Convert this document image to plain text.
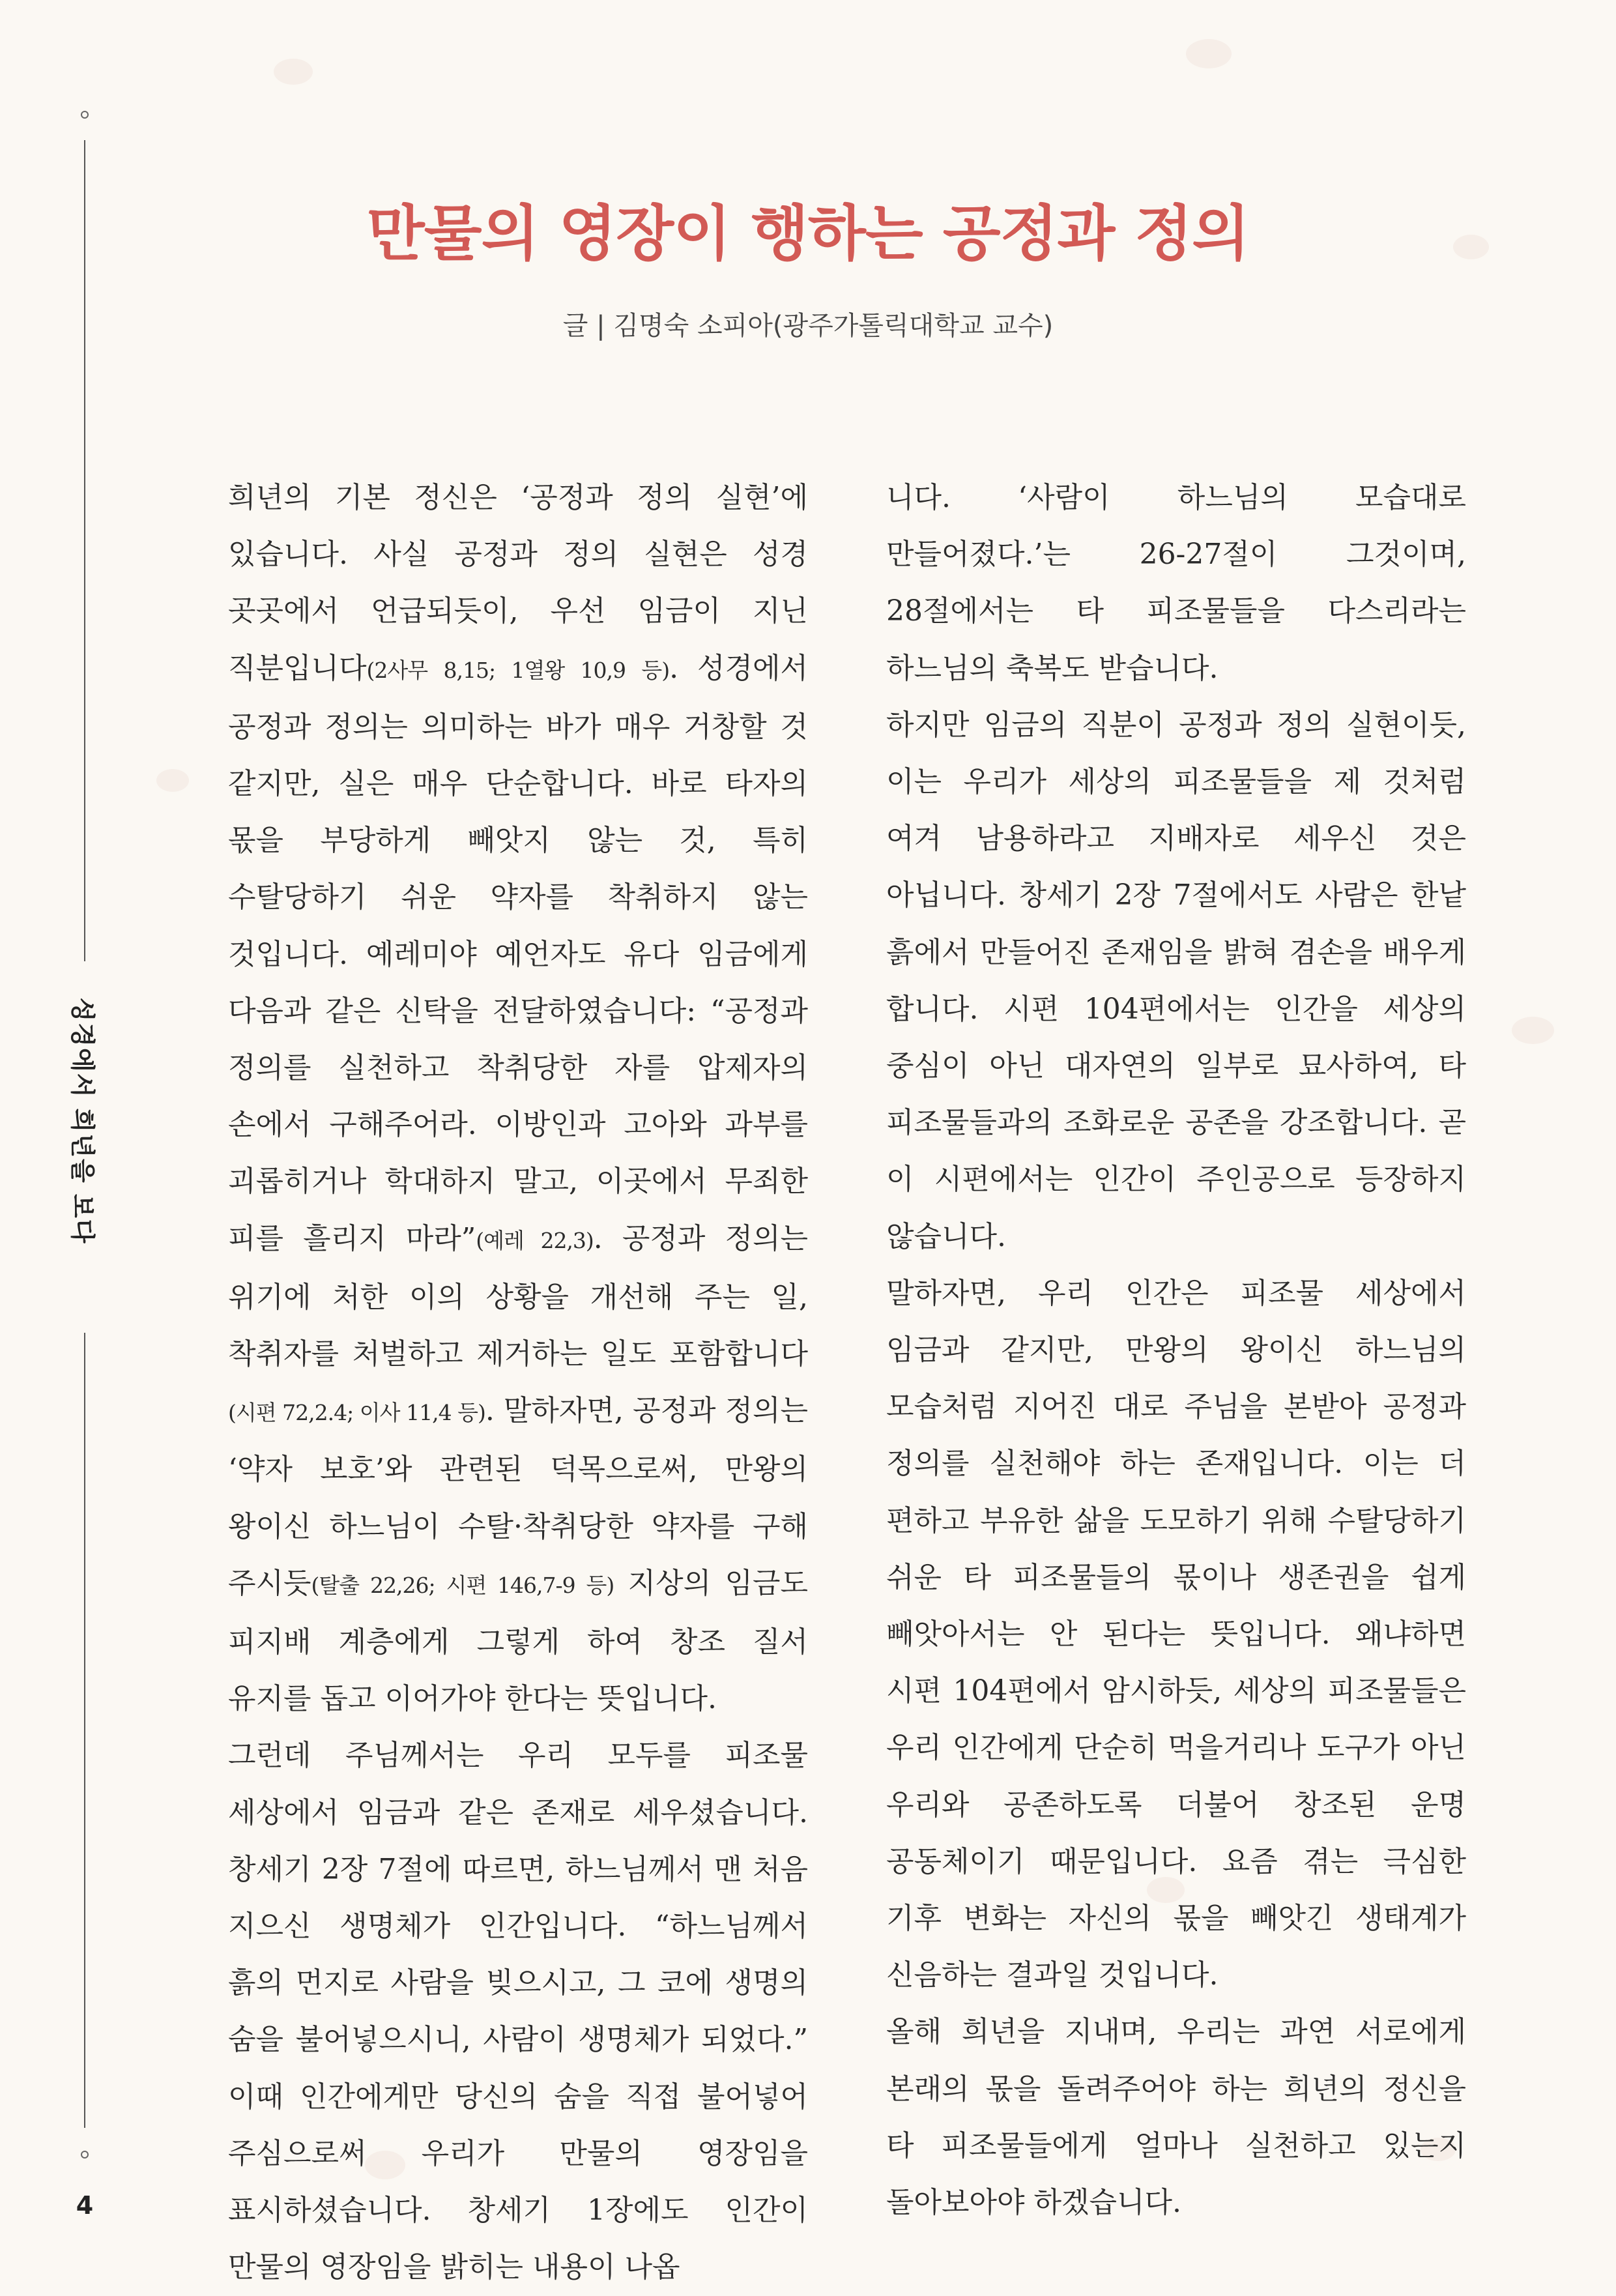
성경에서 희년을 보다
4
만물의 영장이 행하는 공정과 정의
글 | 김명숙 소피아(광주가톨릭대학교 교수)

희년의 기본 정신은 ‘공정과 정의 실현’에 있습니다. 사실 공정과 정의 실현은 성경 곳곳에서 언급되듯이, 우선 임금이 지닌 직분입니다(2사무 8,15; 1열왕 10,9 등). 성경에서 공정과 정의는 의미하는 바가 매우 거창할 것 같지만, 실은 매우 단순합니다. 바로 타자의 몫을 부당하게 빼앗지 않는 것, 특히 수탈당하기 쉬운 약자를 착취하지 않는 것입니다. 예레미야 예언자도 유다 임금에게 다음과 같은 신탁을 전달하였습니다: “공정과 정의를 실천하고 착취당한 자를 압제자의 손에서 구해주어라. 이방인과 고아와 과부를 괴롭히거나 학대하지 말고, 이곳에서 무죄한 피를 흘리지 마라”(예레 22,3). 공정과 정의는 위기에 처한 이의 상황을 개선해 주는 일, 착취자를 처벌하고 제거하는 일도 포함합니다(시편 72,2.4; 이사 11,4 등). 말하자면, 공정과 정의는 ‘약자 보호’와 관련된 덕목으로써, 만왕의 왕이신 하느님이 수탈·착취당한 약자를 구해 주시듯(탈출 22,26; 시편 146,7-9 등) 지상의 임금도 피지배 계층에게 그렇게 하여 창조 질서 유지를 돕고 이어가야 한다는 뜻입니다.

그런데 주님께서는 우리 모두를 피조물 세상에서 임금과 같은 존재로 세우셨습니다. 창세기 2장 7절에 따르면, 하느님께서 맨 처음 지으신 생명체가 인간입니다. “하느님께서 흙의 먼지로 사람을 빚으시고, 그 코에 생명의 숨을 불어넣으시니, 사람이 생명체가 되었다.” 이때 인간에게만 당신의 숨을 직접 불어넣어 주심으로써 우리가 만물의 영장임을 표시하셨습니다. 창세기 1장에도 인간이 만물의 영장임을 밝히는 내용이 나옵

니다. ‘사람이 하느님의 모습대로 만들어졌다.’는 26-27절이 그것이며, 28절에서는 타 피조물들을 다스리라는 하느님의 축복도 받습니다.

하지만 임금의 직분이 공정과 정의 실현이듯, 이는 우리가 세상의 피조물들을 제 것처럼 여겨 남용하라고 지배자로 세우신 것은 아닙니다. 창세기 2장 7절에서도 사람은 한낱 흙에서 만들어진 존재임을 밝혀 겸손을 배우게 합니다. 시편 104편에서는 인간을 세상의 중심이 아닌 대자연의 일부로 묘사하여, 타 피조물들과의 조화로운 공존을 강조합니다. 곧 이 시편에서는 인간이 주인공으로 등장하지 않습니다.

말하자면, 우리 인간은 피조물 세상에서 임금과 같지만, 만왕의 왕이신 하느님의 모습처럼 지어진 대로 주님을 본받아 공정과 정의를 실천해야 하는 존재입니다. 이는 더 편하고 부유한 삶을 도모하기 위해 수탈당하기 쉬운 타 피조물들의 몫이나 생존권을 쉽게 빼앗아서는 안 된다는 뜻입니다. 왜냐하면 시편 104편에서 암시하듯, 세상의 피조물들은 우리 인간에게 단순히 먹을거리나 도구가 아닌 우리와 공존하도록 더불어 창조된 운명 공동체이기 때문입니다. 요즘 겪는 극심한 기후 변화는 자신의 몫을 빼앗긴 생태계가 신음하는 결과일 것입니다.

올해 희년을 지내며, 우리는 과연 서로에게 본래의 몫을 돌려주어야 하는 희년의 정신을 타 피조물들에게 얼마나 실천하고 있는지 돌아보아야 하겠습니다.
